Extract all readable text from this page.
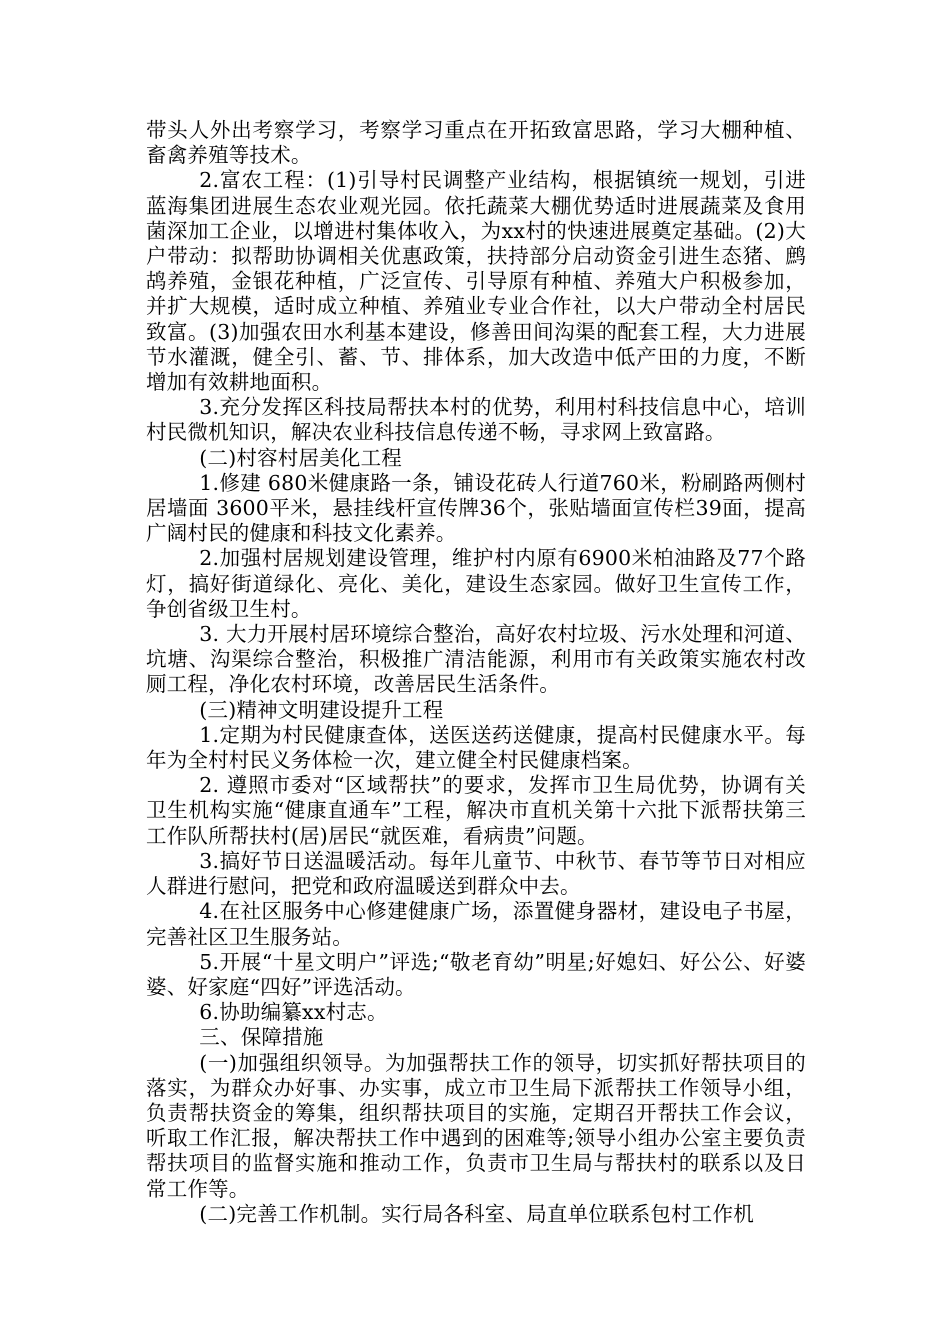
带头人外出考察学习，考察学习重点在开拓致富思路，学习大棚种植、畜禽养殖等技术。

2.富农工程：(1)引导村民调整产业结构，根据镇统一规划，引进蓝海集团进展生态农业观光园。依托蔬菜大棚优势适时进展蔬菜及食用菌深加工企业，以增进村集体收入，为xx村的快速进展奠定基础。(2)大户带动：拟帮助协调相关优惠政策，扶持部分启动资金引进生态猪、鹧鸪养殖，金银花种植，广泛宣传、引导原有种植、养殖大户积极参加，并扩大规模，适时成立种植、养殖业专业合作社，以大户带动全村居民致富。(3)加强农田水利基本建设，修善田间沟渠的配套工程，大力进展节水灌溉，健全引、蓄、节、排体系，加大改造中低产田的力度，不断增加有效耕地面积。

3.充分发挥区科技局帮扶本村的优势，利用村科技信息中心，培训村民微机知识，解决农业科技信息传递不畅，寻求网上致富路。

(二)村容村居美化工程

1.修建 680米健康路一条，铺设花砖人行道760米，粉刷路两侧村居墙面 3600平米，悬挂线杆宣传牌36个，张贴墙面宣传栏39面，提高广阔村民的健康和科技文化素养。

2.加强村居规划建设管理，维护村内原有6900米柏油路及77个路灯，搞好街道绿化、亮化、美化，建设生态家园。做好卫生宣传工作，争创省级卫生村。

3. 大力开展村居环境综合整治，高好农村垃圾、污水处理和河道、坑塘、沟渠综合整治，积极推广清洁能源，利用市有关政策实施农村改厕工程，净化农村环境，改善居民生活条件。

(三)精神文明建设提升工程

1.定期为村民健康查体，送医送药送健康，提高村民健康水平。每年为全村村民义务体检一次，建立健全村民健康档案。

2. 遵照市委对“区域帮扶”的要求，发挥市卫生局优势，协调有关卫生机构实施“健康直通车”工程，解决市直机关第十六批下派帮扶第三工作队所帮扶村(居)居民“就医难，看病贵”问题。

3.搞好节日送温暖活动。每年儿童节、中秋节、春节等节日对相应人群进行慰问，把党和政府温暖送到群众中去。

4.在社区服务中心修建健康广场，添置健身器材，建设电子书屋，完善社区卫生服务站。

5.开展“十星文明户”评选;“敬老育幼”明星;好媳妇、好公公、好婆婆、好家庭“四好”评选活动。

6.协助编纂xx村志。

三、保障措施

(一)加强组织领导。为加强帮扶工作的领导，切实抓好帮扶项目的落实，为群众办好事、办实事，成立市卫生局下派帮扶工作领导小组，负责帮扶资金的筹集，组织帮扶项目的实施，定期召开帮扶工作会议，听取工作汇报，解决帮扶工作中遇到的困难等;领导小组办公室主要负责帮扶项目的监督实施和推动工作，负责市卫生局与帮扶村的联系以及日常工作等。

(二)完善工作机制。实行局各科室、局直单位联系包村工作机
